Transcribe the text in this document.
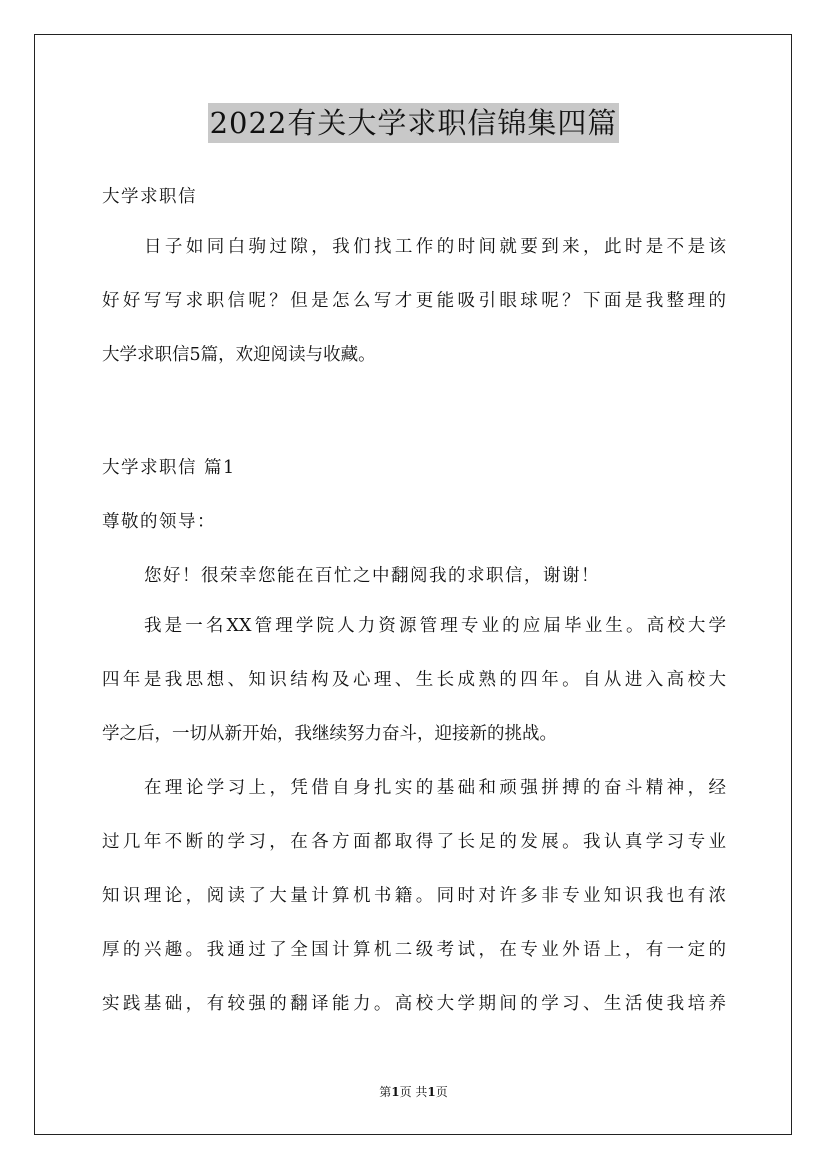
2022有关大学求职信锦集四篇
大学求职信
日子如同白驹过隙，我们找工作的时间就要到来，此时是不是该
好好写写求职信呢？但是怎么写才更能吸引眼球呢？下面是我整理的
大学求职信5篇，欢迎阅读与收藏。
大学求职信 篇1
尊敬的领导：
您好！很荣幸您能在百忙之中翻阅我的求职信，谢谢！
我是一名XX管理学院人力资源管理专业的应届毕业生。高校大学
四年是我思想、知识结构及心理、生长成熟的四年。自从进入高校大
学之后，一切从新开始，我继续努力奋斗，迎接新的挑战。
在理论学习上，凭借自身扎实的基础和顽强拼搏的奋斗精神，经
过几年不断的学习，在各方面都取得了长足的发展。我认真学习专业
知识理论，阅读了大量计算机书籍。同时对许多非专业知识我也有浓
厚的兴趣。我通过了全国计算机二级考试，在专业外语上，有一定的
实践基础，有较强的翻译能力。高校大学期间的学习、生活使我培养
第1页 共1页
